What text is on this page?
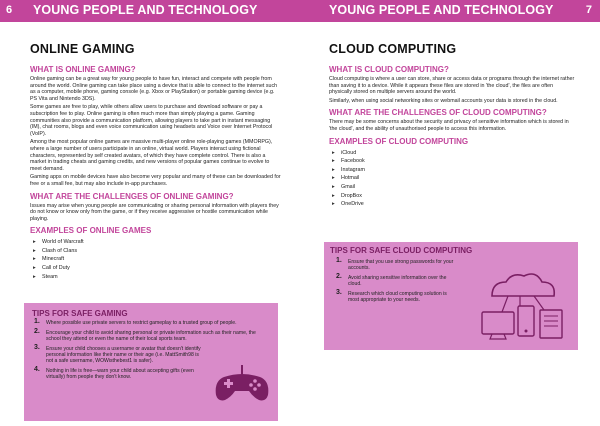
6 YOUNG PEOPLE AND TECHNOLOGY	YOUNG PEOPLE AND TECHNOLOGY	7
ONLINE GAMING
WHAT IS ONLINE GAMING?

Online gaming can be a great way for young people to have fun, interact and compete with people from around the world. Online gaming can take place using a device that is able to connect to the internet such as a computer, mobile phone, gaming console (e.g. Xbox or PlayStation) or portable gaming device (e.g. PS Vita and Nintendo 3DS).

Some games are free to play, while others allow users to purchase and download software or pay a subscription fee to play. Online gaming is often much more than simply playing a game. Gaming communities also provide a communication platform, allowing players to take part in instant messaging (IM), chat rooms, blogs and even voice communication using headsets and Voice over Internet Protocol (VoIP).

Among the most popular online games are massive multi-player online role-playing games (MMORPG), where a large number of users participate in an online, virtual world. Players interact using fictional characters, represented by self created avatars, of which they have complete control. There is also a market in trading cheats and gaming credits, and new versions of popular games continue to evolve to meet demand.

Gaming apps on mobile devices have also become very popular and many of these can be downloaded for free or a small fee, but may also include in-app purchases.

WHAT ARE THE CHALLENGES OF ONLINE GAMING?

Issues may arise when young people are communicating or sharing personal information with players they do not know or know only from the game, or if they receive aggressive or hostile communication while playing.

EXAMPLES OF ONLINE GAMES
▸ World of Warcraft
▸ Clash of Clans
▸ Minecraft
▸ Call of Duty
▸ Steam
TIPS FOR SAFE GAMING
1. Where possible use private servers to restrict gameplay to a trusted group of people.
2. Encourage your child to avoid sharing personal or private information such as their name, the school they attend or even the name of their local sports team.
3. Ensure your child chooses a username or avatar that doesn't identify personal information like their name or their age (i.e. MattSmith98 is not a safe username, WOWisthebest1 is safer).
4. Nothing in life is free—warn your child about accepting gifts (even virtually) from people they don't know.
CLOUD COMPUTING
WHAT IS CLOUD COMPUTING?

Cloud computing is where a user can store, share or access data or programs through the internet rather than saving it to a device. While it appears these files are stored in 'the cloud', the files are often physically stored on multiple servers around the world.

Similarly, when using social networking sites or webmail accounts your data is stored in the cloud.

WHAT ARE THE CHALLENGES OF CLOUD COMPUTING?

There may be some concerns about the security and privacy of sensitive information which is stored in 'the cloud', and the ability of unauthorised people to access this information.

EXAMPLES OF CLOUD COMPUTING
▸ iCloud
▸ Facebook
▸ Instagram
▸ Hotmail
▸ Gmail
▸ DropBox
▸ OneDrive
TIPS FOR SAFE CLOUD COMPUTING
1. Ensure that you use strong passwords for your accounts.
2. Avoid sharing sensitive information over the cloud.
3. Research which cloud computing solution is most appropriate to your needs.
